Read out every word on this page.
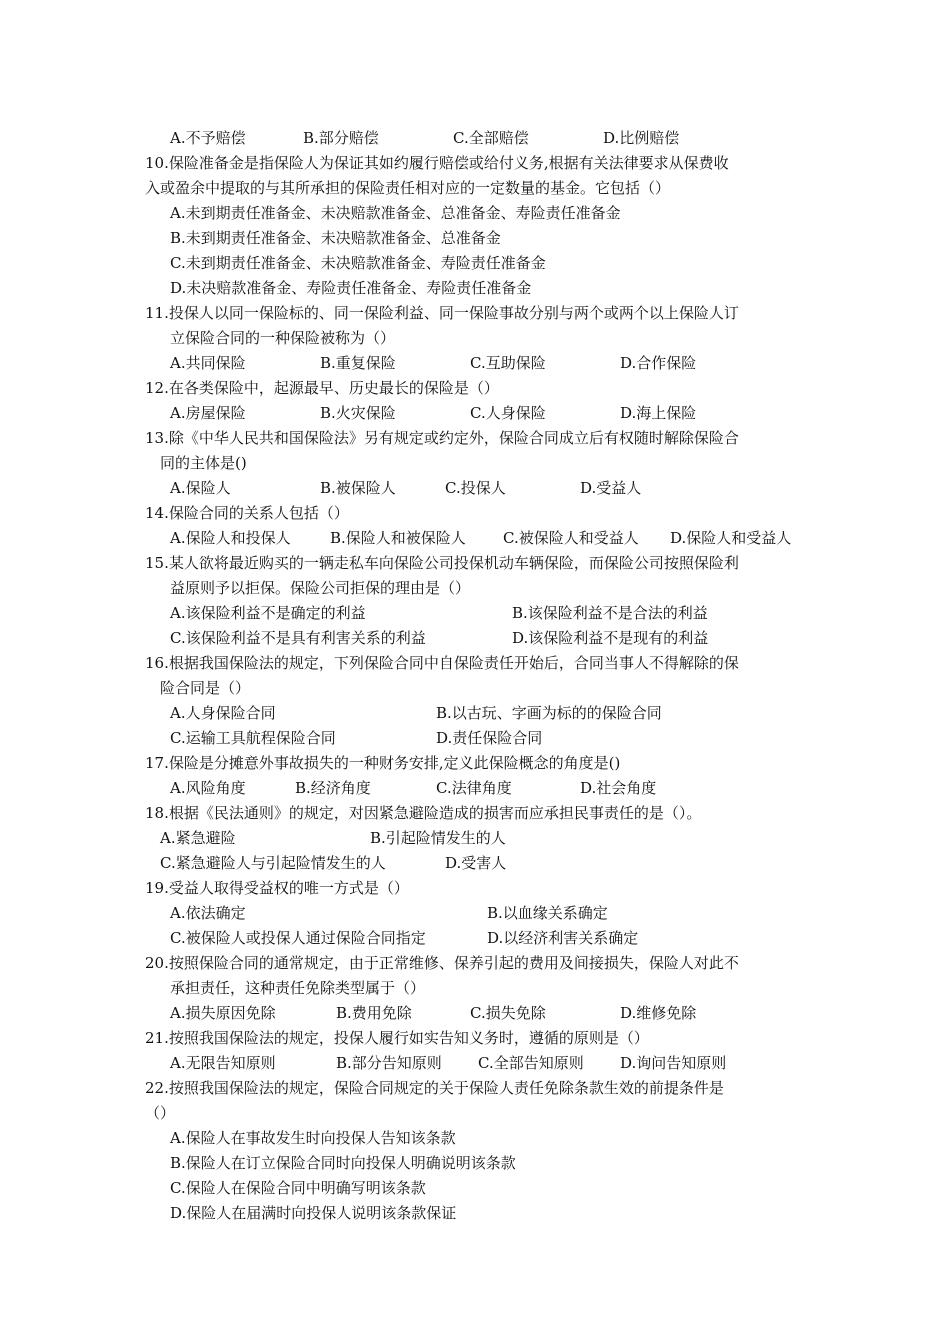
A.不予赔偿	B.部分赔偿	C.全部赔偿	D.比例赔偿
10.保险准备金是指保险人为保证其如约履行赔偿或给付义务,根据有关法律要求从保费收
入或盈余中提取的与其所承担的保险责任相对应的一定数量的基金。它包括（）
A.未到期责任准备金、未决赔款准备金、总准备金、寿险责任准备金
B.未到期责任准备金、未决赔款准备金、总准备金
C.未到期责任准备金、未决赔款准备金、寿险责任准备金
D.未决赔款准备金、寿险责任准备金、寿险责任准备金
11.投保人以同一保险标的、同一保险利益、同一保险事故分别与两个或两个以上保险人订
立保险合同的一种保险被称为（）
A.共同保险	B.重复保险	C.互助保险	D.合作保险
12.在各类保险中，起源最早、历史最长的保险是（）
A.房屋保险	B.火灾保险	C.人身保险	D.海上保险
13.除《中华人民共和国保险法》另有规定或约定外，保险合同成立后有权随时解除保险合
同的主体是()
A.保险人	B.被保险人	C.投保人	D.受益人
14.保险合同的关系人包括（）
A.保险人和投保人	B.保险人和被保险人 C.被保险人和受益人 D.保险人和受益人
15.某人欲将最近购买的一辆走私车向保险公司投保机动车辆保险，而保险公司按照保险利
益原则予以拒保。保险公司拒保的理由是（）
A.该保险利益不是确定的利益	B.该保险利益不是合法的利益
C.该保险利益不是具有利害关系的利益	D.该保险利益不是现有的利益
16.根据我国保险法的规定，下列保险合同中自保险责任开始后，合同当事人不得解除的保
险合同是（）
A.人身保险合同	B.以古玩、字画为标的的保险合同
C.运输工具航程保险合同	D.责任保险合同
17.保险是分摊意外事故损失的一种财务安排,定义此保险概念的角度是()
A.风险角度	B.经济角度	C.法律角度	D.社会角度
18.根据《民法通则》的规定，对因紧急避险造成的损害而应承担民事责任的是（）。
A.紧急避险	B.引起险情发生的人
C.紧急避险人与引起险情发生的人	D.受害人
19.受益人取得受益权的唯一方式是（）
A.依法确定	B.以血缘关系确定
C.被保险人或投保人通过保险合同指定	D.以经济利害关系确定
20.按照保险合同的通常规定，由于正常维修、保养引起的费用及间接损失，保险人对此不
承担责任，这种责任免除类型属于（）
A.损失原因免除	B.费用免除	C.损失免除	D.维修免除
21.按照我国保险法的规定，投保人履行如实告知义务时，遵循的原则是（）
A.无限告知原则	B.部分告知原则 C.全部告知原则 D.询问告知原则
22.按照我国保险法的规定，保险合同规定的关于保险人责任免除条款生效的前提条件是
（）
A.保险人在事故发生时向投保人告知该条款
B.保险人在订立保险合同时向投保人明确说明该条款
C.保险人在保险合同中明确写明该条款
D.保险人在届满时向投保人说明该条款保证
